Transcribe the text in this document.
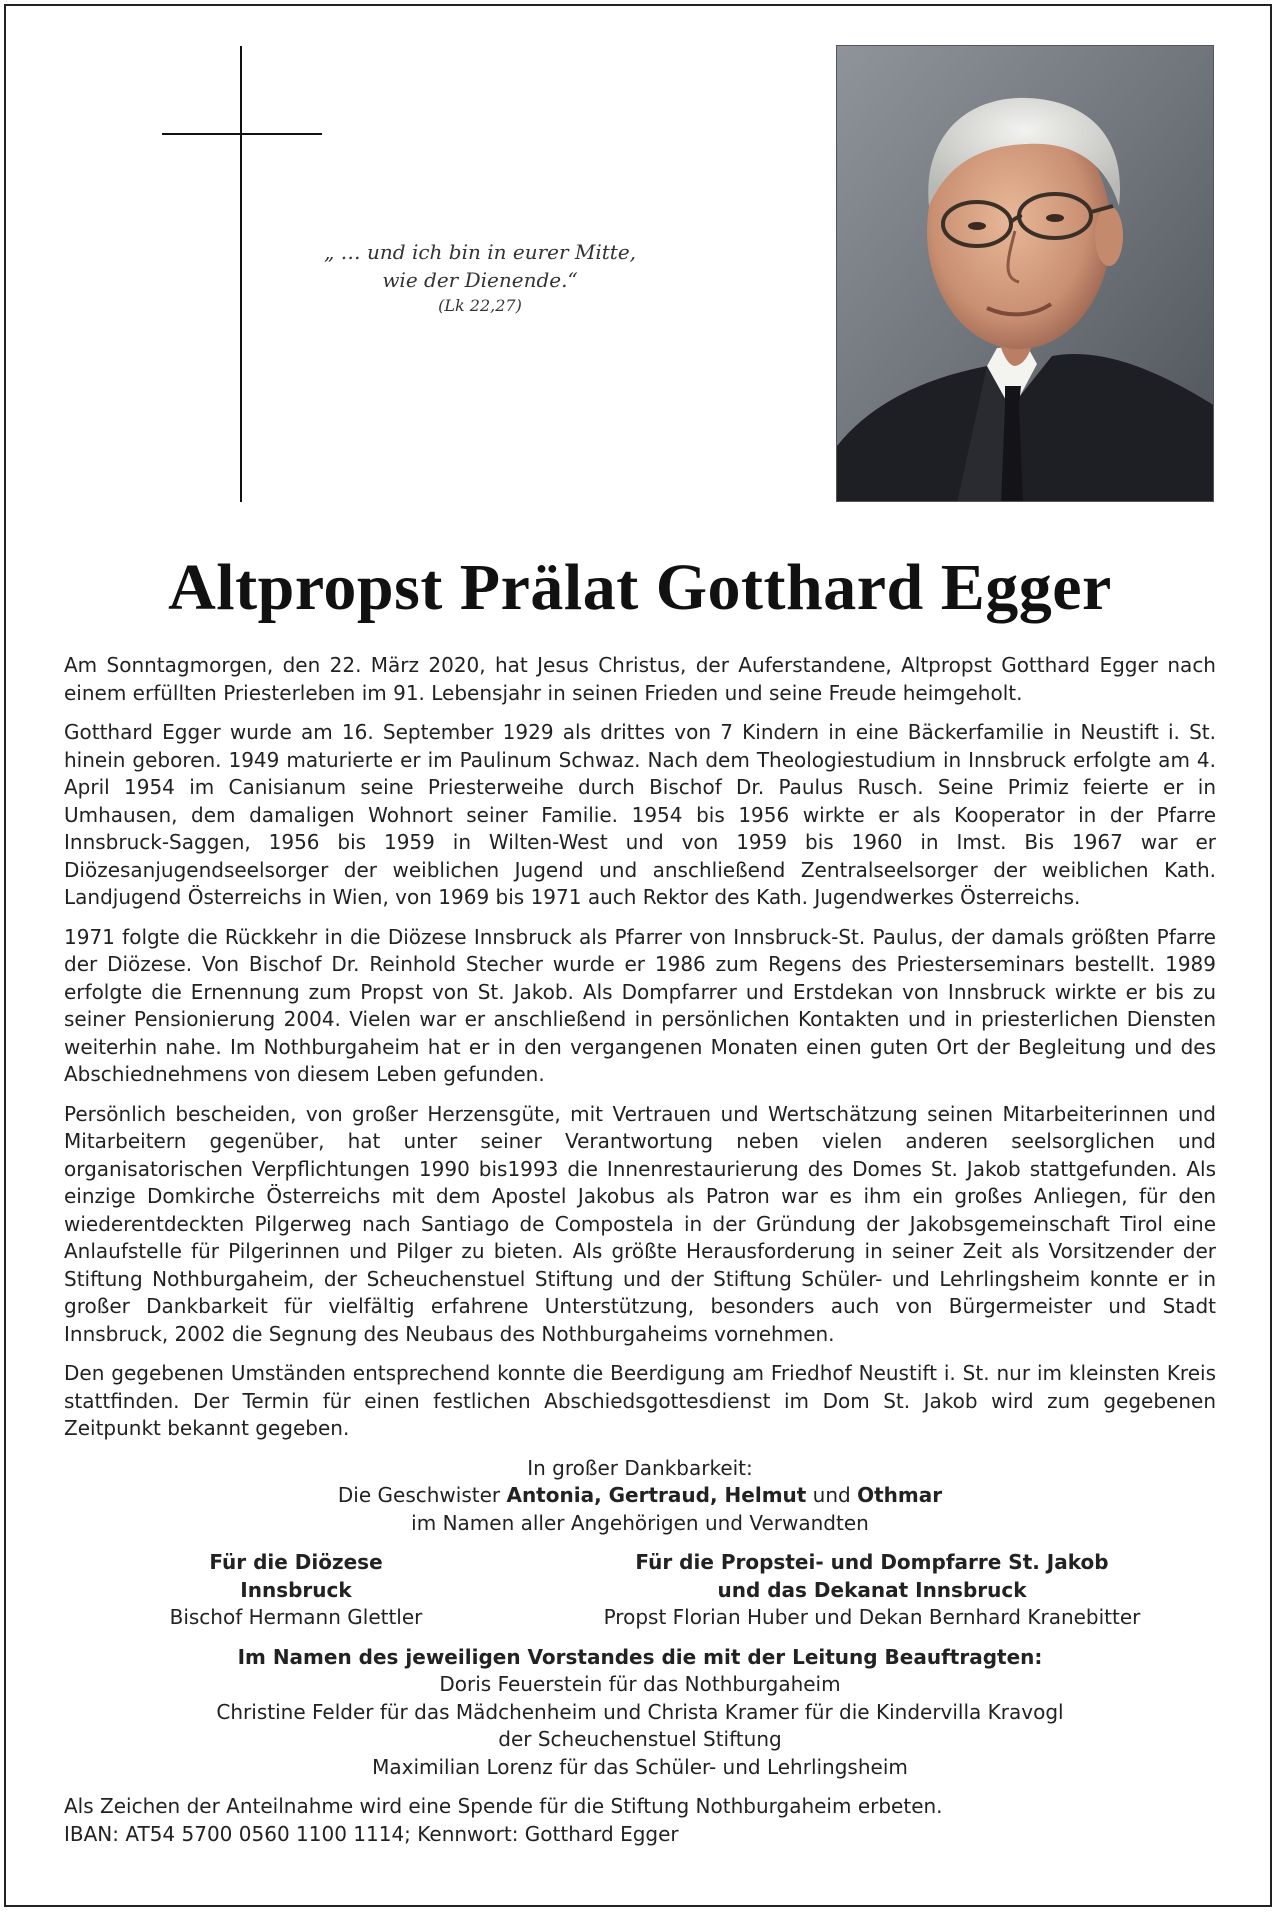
„ … und ich bin in eurer Mitte,
wie der Dienende.“
(Lk 22,27)
Altpropst Prälat Gotthard Egger

Am Sonntagmorgen, den 22. März 2020, hat Jesus Christus, der Auferstandene, Altpropst Gotthard Egger nach einem erfüllten Priesterleben im 91. Lebensjahr in seinen Frieden und seine Freude heimgeholt.

Gotthard Egger wurde am 16. September 1929 als drittes von 7 Kindern in eine Bäckerfamilie in Neustift i. St. hinein geboren. 1949 maturierte er im Paulinum Schwaz. Nach dem Theologiestudium in Innsbruck erfolgte am 4. April 1954 im Canisianum seine Priesterweihe durch Bischof Dr. Paulus Rusch. Seine Primiz feierte er in Umhausen, dem damaligen Wohnort seiner Familie. 1954 bis 1956 wirkte er als Kooperator in der Pfarre Innsbruck-Saggen, 1956 bis 1959 in Wilten-West und von 1959 bis 1960 in Imst. Bis 1967 war er Diözesanjugendseelsorger der weiblichen Jugend und anschließend Zentralseelsorger der weiblichen Kath. Landjugend Österreichs in Wien, von 1969 bis 1971 auch Rektor des Kath. Jugendwerkes Österreichs.

1971 folgte die Rückkehr in die Diözese Innsbruck als Pfarrer von Innsbruck-St. Paulus, der damals größten Pfarre der Diözese. Von Bischof Dr. Reinhold Stecher wurde er 1986 zum Regens des Priesterseminars bestellt. 1989 erfolgte die Ernennung zum Propst von St. Jakob. Als Dompfarrer und Erstdekan von Innsbruck wirkte er bis zu seiner Pensionierung 2004. Vielen war er anschließend in persönlichen Kontakten und in priesterlichen Diensten weiterhin nahe. Im Nothburgaheim hat er in den vergangenen Monaten einen guten Ort der Begleitung und des Abschiednehmens von diesem Leben gefunden.

Persönlich bescheiden, von großer Herzensgüte, mit Vertrauen und Wertschätzung seinen Mitarbeiterinnen und Mitarbeitern gegenüber, hat unter seiner Verantwortung neben vielen anderen seelsorglichen und organisatorischen Verpflichtungen 1990 bis1993 die Innenrestaurierung des Domes St. Jakob stattgefunden. Als einzige Domkirche Österreichs mit dem Apostel Jakobus als Patron war es ihm ein großes Anliegen, für den wiederentdeckten Pilgerweg nach Santiago de Compostela in der Gründung der Jakobsgemeinschaft Tirol eine Anlaufstelle für Pilgerinnen und Pilger zu bieten. Als größte Herausforderung in seiner Zeit als Vorsitzender der Stiftung Nothburgaheim, der Scheuchenstuel Stiftung und der Stiftung Schüler- und Lehrlingsheim konnte er in großer Dankbarkeit für vielfältig erfahrene Unterstützung, besonders auch von Bürgermeister und Stadt Innsbruck, 2002 die Segnung des Neubaus des Nothburgaheims vornehmen.

Den gegebenen Umständen entsprechend konnte die Beerdigung am Friedhof Neustift i. St. nur im kleinsten Kreis stattfinden. Der Termin für einen festlichen Abschiedsgottesdienst im Dom St. Jakob wird zum gegebenen Zeitpunkt bekannt gegeben.

In großer Dankbarkeit:
Die Geschwister Antonia, Gertraud, Helmut und Othmar
im Namen aller Angehörigen und Verwandten
Für die Diözese
Innsbruck
Bischof Hermann Glettler
Für die Propstei- und Dompfarre St. Jakob
und das Dekanat Innsbruck
Propst Florian Huber und Dekan Bernhard Kranebitter
Im Namen des jeweiligen Vorstandes die mit der Leitung Beauftragten:
Doris Feuerstein für das Nothburgaheim
Christine Felder für das Mädchenheim und Christa Kramer für die Kindervilla Kravogl
der Scheuchenstuel Stiftung
Maximilian Lorenz für das Schüler- und Lehrlingsheim
Als Zeichen der Anteilnahme wird eine Spende für die Stiftung Nothburgaheim erbeten.
IBAN: AT54 5700 0560 1100 1114; Kennwort: Gotthard Egger
